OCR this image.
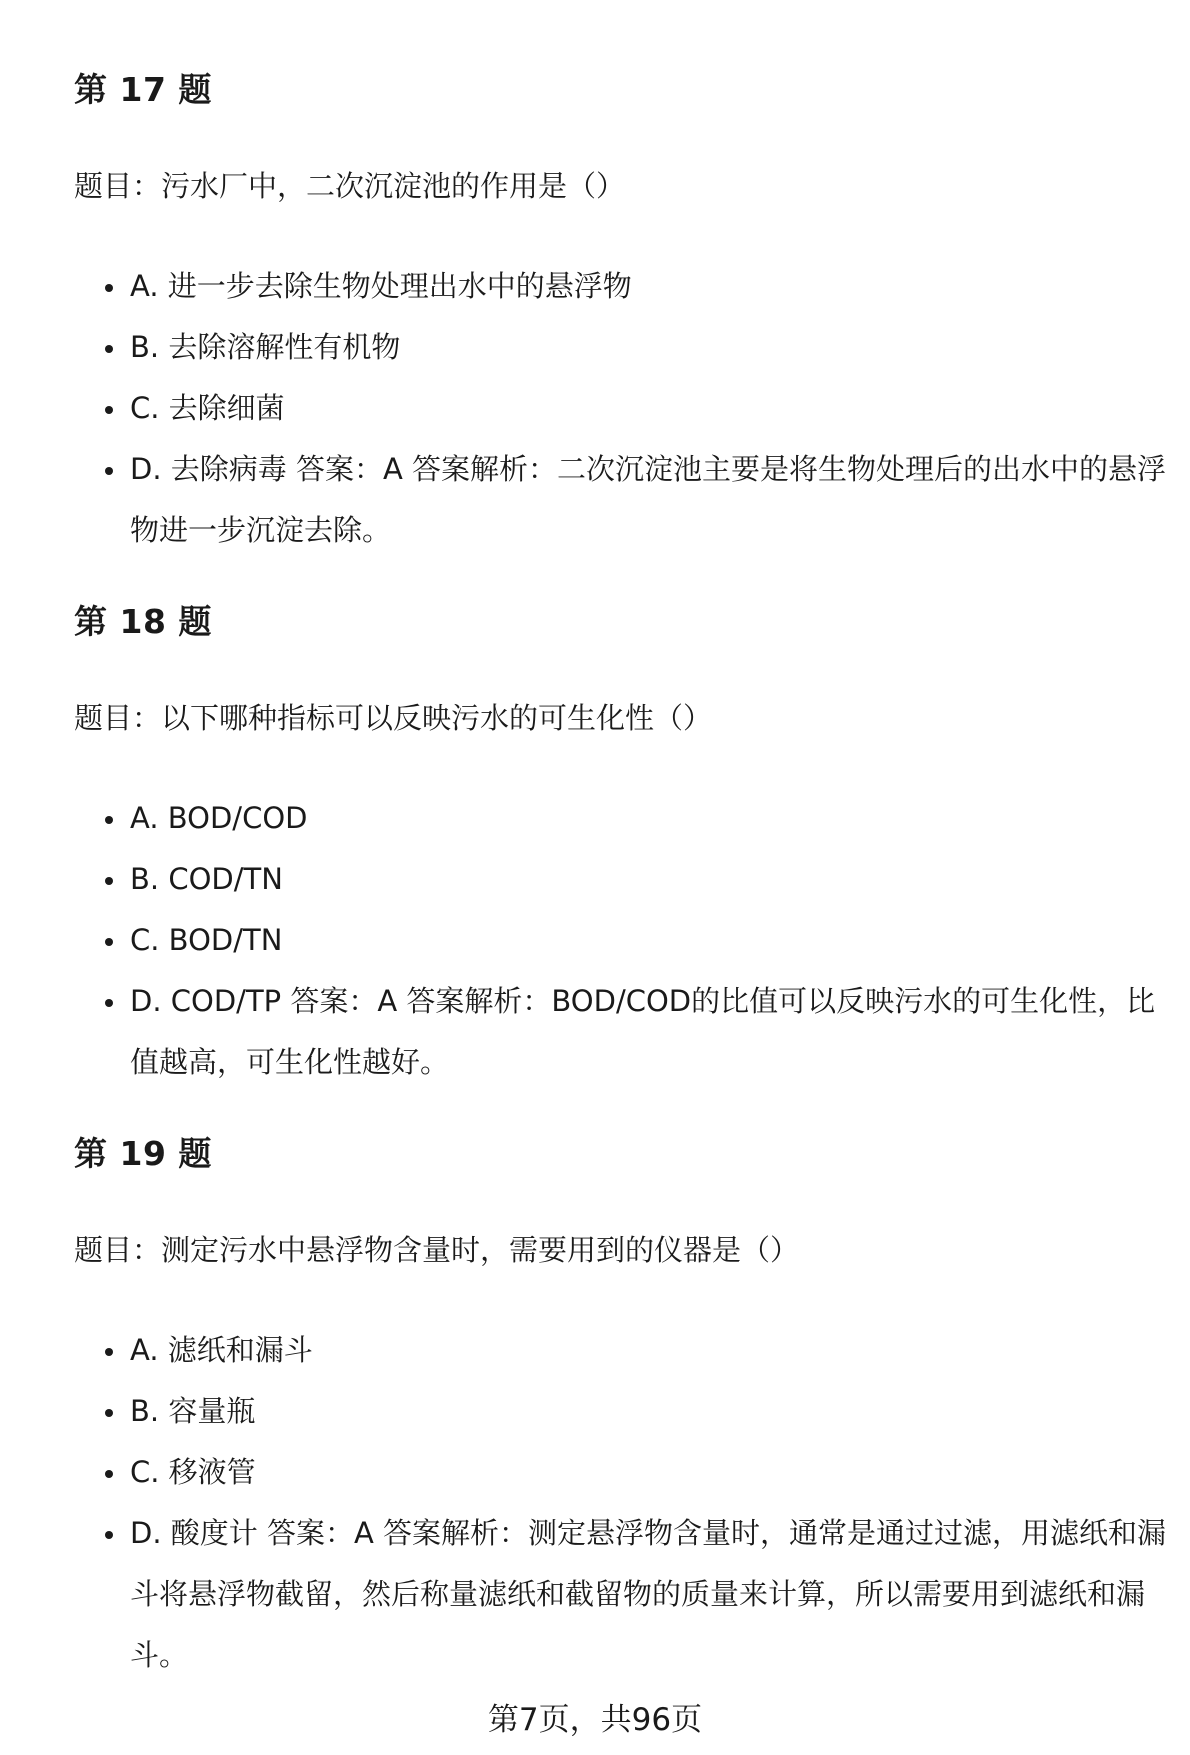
第 17 题

题目：污水厂中，二次沉淀池的作用是（）

A. 进一步去除生物处理出水中的悬浮物
B. 去除溶解性有机物
C. 去除细菌
D. 去除病毒 答案：A 答案解析：二次沉淀池主要是将生物处理后的出水中的悬浮物进一步沉淀去除。
第 18 题

题目：以下哪种指标可以反映污水的可生化性（）

A. BOD/COD
B. COD/TN
C. BOD/TN
D. COD/TP 答案：A 答案解析：BOD/COD的比值可以反映污水的可生化性，比值越高，可生化性越好。
第 19 题

题目：测定污水中悬浮物含量时，需要用到的仪器是（）

A. 滤纸和漏斗
B. 容量瓶
C. 移液管
D. 酸度计 答案：A 答案解析：测定悬浮物含量时，通常是通过过滤，用滤纸和漏斗将悬浮物截留，然后称量滤纸和截留物的质量来计算，所以需要用到滤纸和漏斗。
第7页，共96页
